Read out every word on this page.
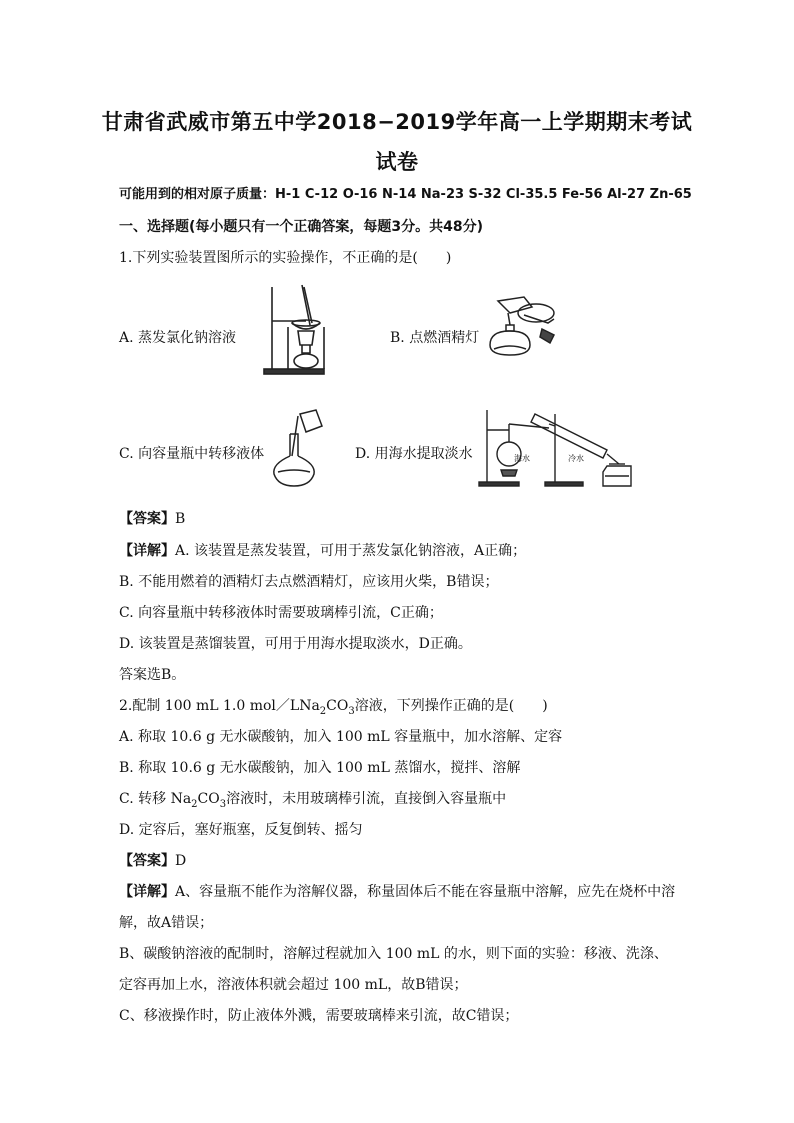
甘肃省武威市第五中学2018−2019学年高一上学期期末考试
试卷
可能用到的相对原子质量：H-1 C-12 O-16 N-14 Na-23 S-32 Cl-35.5 Fe-56 Al-27 Zn-65
一、选择题(每小题只有一个正确答案，每题3分。共48分)
1.下列实验装置图所示的实验操作，不正确的是(　　)
A. 蒸发氯化钠溶液	B. 点燃酒精灯
C. 向容量瓶中转移液体	海水	冷水
D. 用海水提取淡水
【答案】B
【详解】A. 该装置是蒸发装置，可用于蒸发氯化钠溶液，A正确；
B. 不能用燃着的酒精灯去点燃酒精灯，应该用火柴，B错误；
C. 向容量瓶中转移液体时需要玻璃棒引流，C正确；
D. 该装置是蒸馏装置，可用于用海水提取淡水，D正确。
答案选B。
2.配制 100 mL 1.0 $mol/LNa_2CO_3$溶液，下列操作正确的是(　　)
A. 称取 10.6 g 无水碳酸钠，加入 100 mL 容量瓶中，加水溶解、定容
B. 称取 10.6 g 无水碳酸钠，加入 100 mL 蒸馏水，搅拌、溶解
C. 转移 $Na_2CO_3$溶液时，未用玻璃棒引流，直接倒入容量瓶中
D. 定容后，塞好瓶塞，反复倒转、摇匀
【答案】D
【详解】A、容量瓶不能作为溶解仪器，称量固体后不能在容量瓶中溶解，应先在烧杯中溶解，故A错误；
B、碳酸钠溶液的配制时，溶解过程就加入 100 mL 的水，则下面的实验：移液、洗涤、定容再加上水，溶液体积就会超过 100 mL，故B错误；
C、移液操作时，防止液体外溅，需要玻璃棒来引流，故C错误；
